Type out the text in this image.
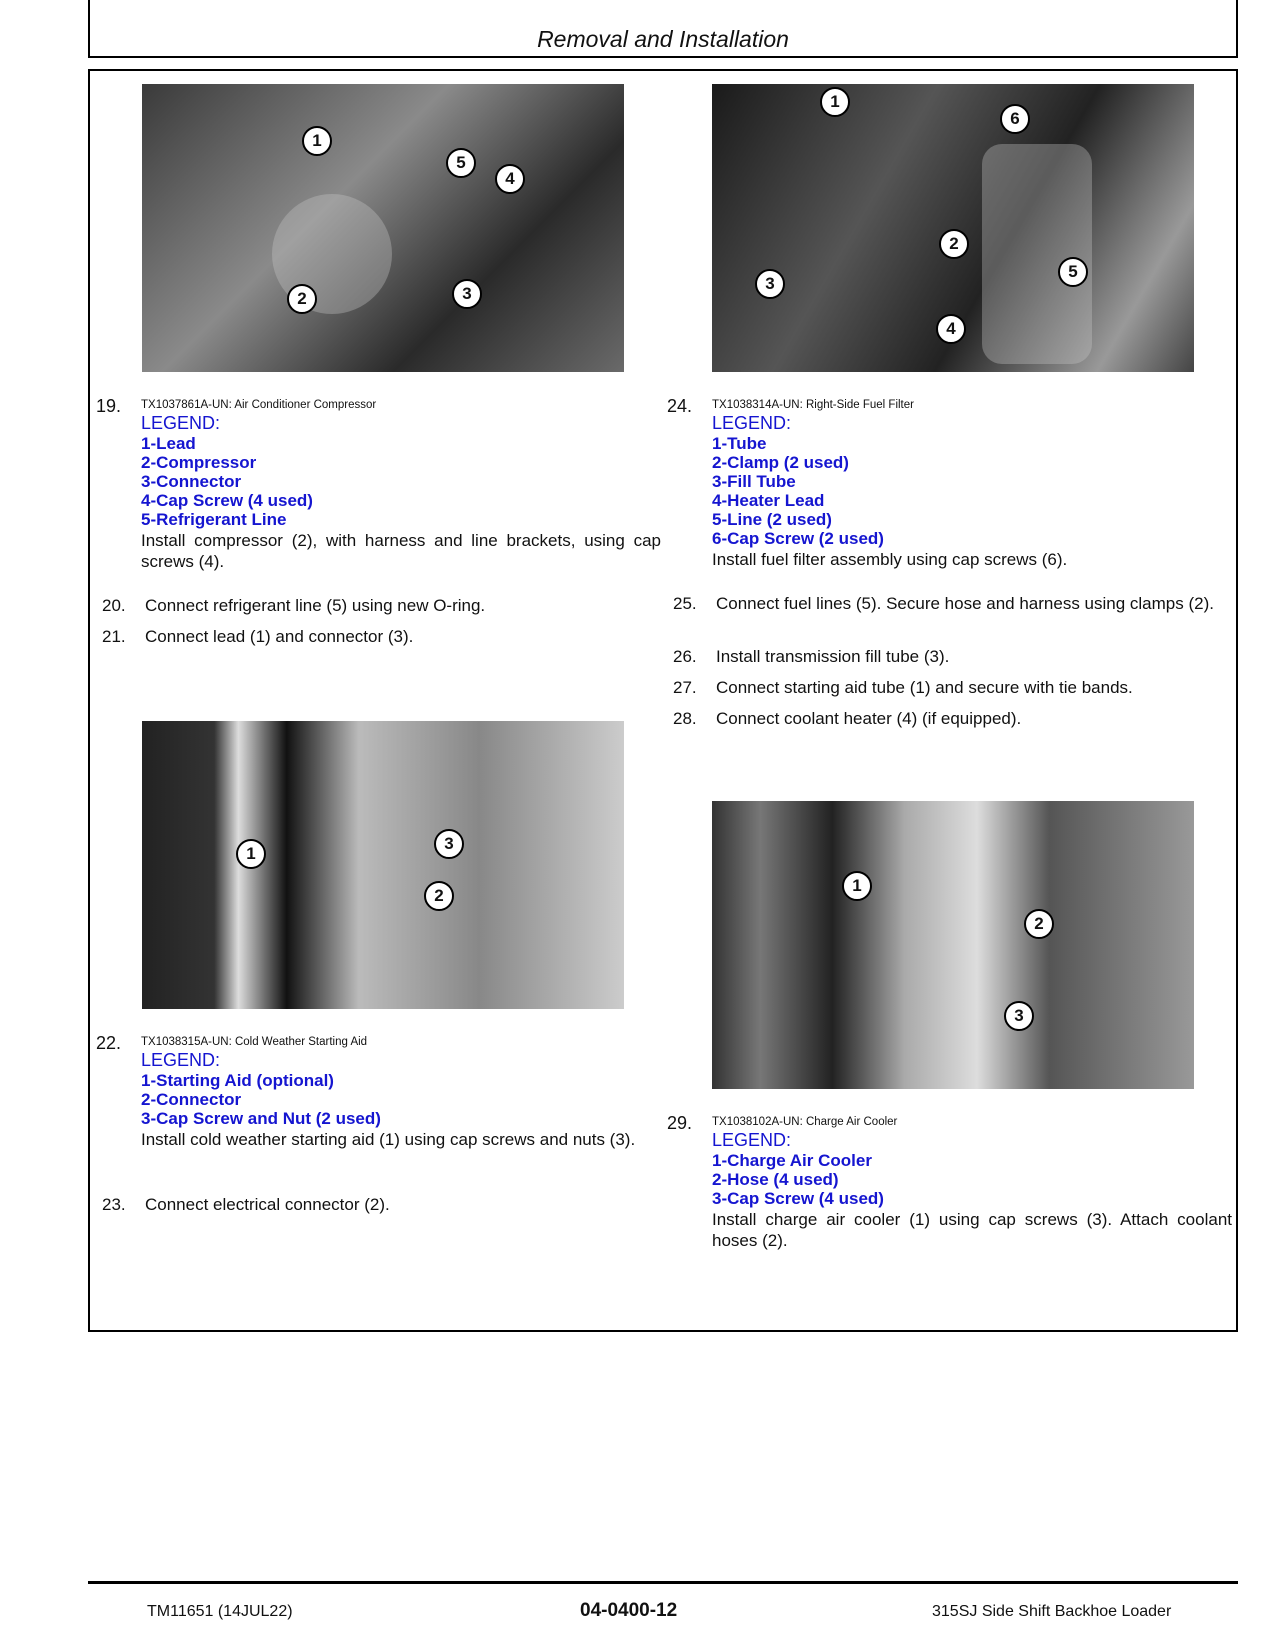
Removal and Installation
1
2	3
4
5
19. TX1037861A-UN: Air Conditioner Compressor
LEGEND:
1-Lead
2-Compressor
3-Connector
4-Cap Screw (4 used)
5-Refrigerant Line
Install compressor (2), with harness and line brackets, using cap screws (4).
20. Connect refrigerant line (5) using new O-ring.
21. Connect lead (1) and connector (3).
1
2
3
4
5
6
24. TX1038314A-UN: Right-Side Fuel Filter
LEGEND:
1-Tube
2-Clamp (2 used)
3-Fill Tube
4-Heater Lead
5-Line (2 used)
6-Cap Screw (2 used)
Install fuel filter assembly using cap screws (6).
25. Connect fuel lines (5). Secure hose and harness using clamps (2).
26. Install transmission fill tube (3).
27. Connect starting aid tube (1) and secure with tie bands.
28. Connect coolant heater (4) (if equipped).
1
2
3
22. TX1038315A-UN: Cold Weather Starting Aid
LEGEND:
1-Starting Aid (optional)
2-Connector
3-Cap Screw and Nut (2 used)
Install cold weather starting aid (1) using cap screws and nuts (3).
23. Connect electrical connector (2).
1
2
3
29. TX1038102A-UN: Charge Air Cooler
LEGEND:
1-Charge Air Cooler
2-Hose (4 used)
3-Cap Screw (4 used)
Install charge air cooler (1) using cap screws (3). Attach coolant hoses (2).
TM11651 (14JUL22)	04-0400-12	315SJ Side Shift Backhoe Loader
